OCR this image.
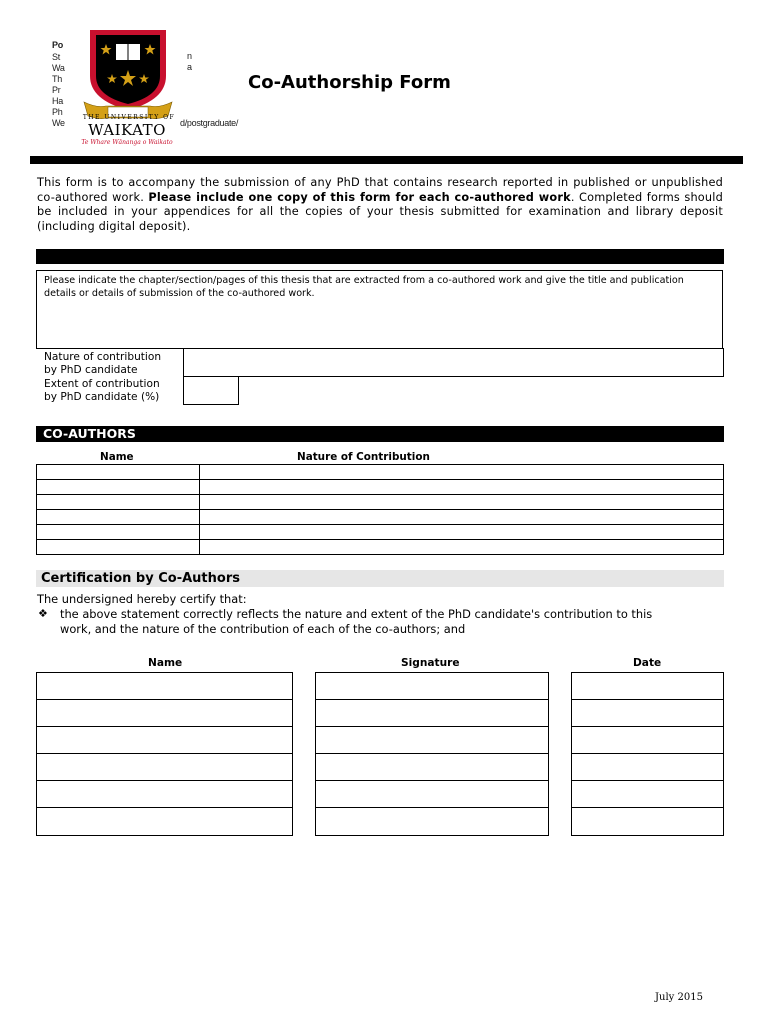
Po
St
Wa
Th
Pr
Ha
Ph
We
n
a
d/postgraduate/
THE UNIVERSITY OF
WAIKATO
Te Whare Wānanga o Waikato
Co-Authorship Form
This form is to accompany the submission of any PhD that contains research reported in published or unpublished co-authored work. Please include one copy of this form for each co-authored work. Completed forms should be included in your appendices for all the copies of your thesis submitted for examination and library deposit (including digital deposit).
Please indicate the chapter/section/pages of this thesis that are extracted from a co-authored work and give the title and publication details or details of submission of the co-authored work.
Nature of contribution
by PhD candidate
Extent of contribution
by PhD candidate (%)
CO-AUTHORS
Name	Nature of Contribution

Certification by Co-Authors
The undersigned hereby certify that:
❖ the above statement correctly reflects the nature and extent of the PhD candidate's contribution to this
work, and the nature of the contribution of each of the co-authors; and
Name	Signature	Date
July 2015
